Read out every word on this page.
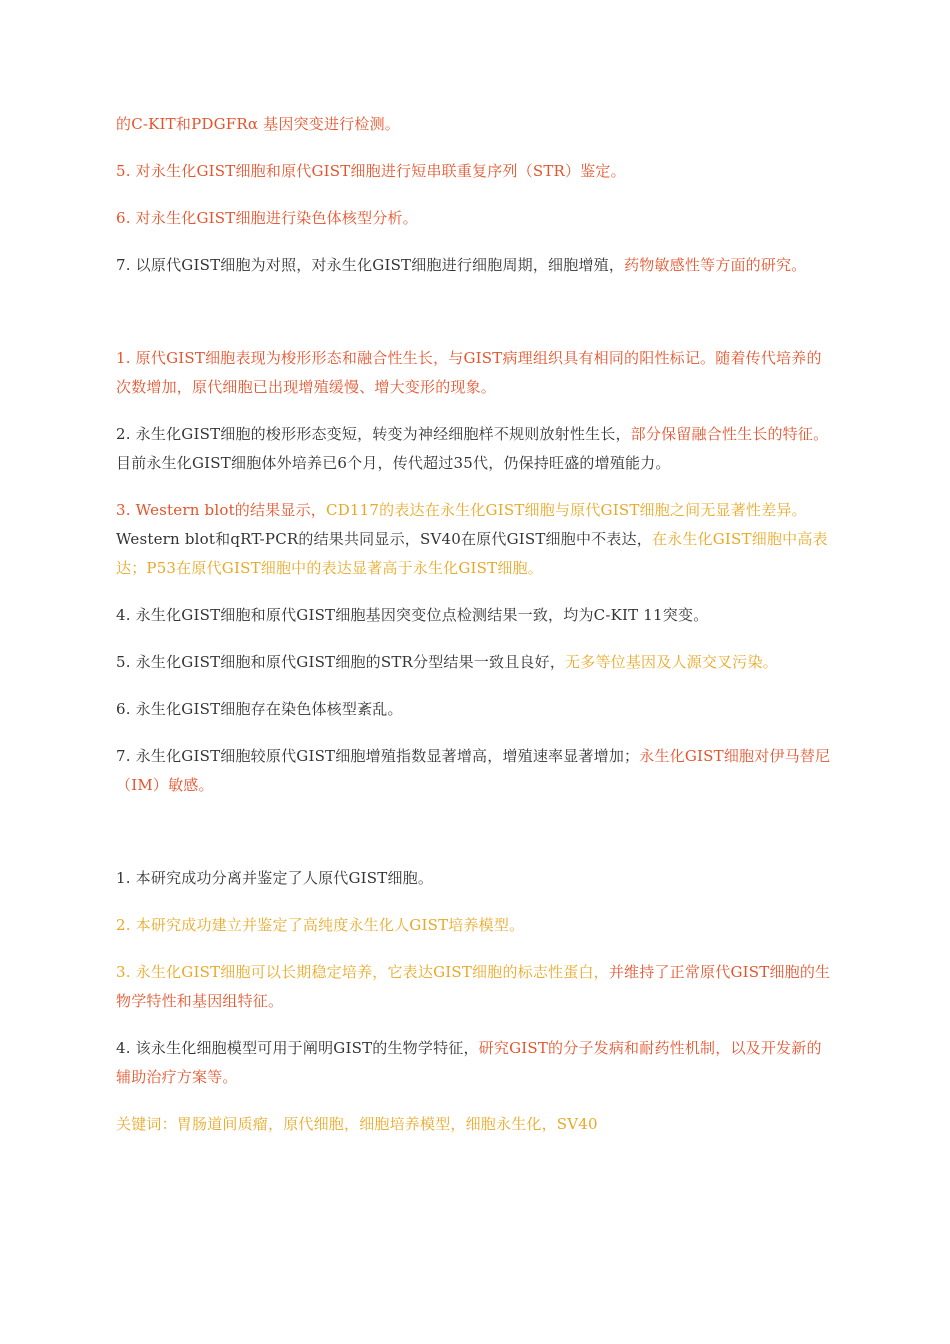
的C-KIT和PDGFRα 基因突变进行检测。

5. 对永生化GIST细胞和原代GIST细胞进行短串联重复序列（STR）鉴定。

6. 对永生化GIST细胞进行染色体核型分析。

7. 以原代GIST细胞为对照，对永生化GIST细胞进行细胞周期，细胞增殖，药物敏感性等方面的研究。

1. 原代GIST细胞表现为梭形形态和融合性生长，与GIST病理组织具有相同的阳性标记。随着传代培养的次数增加，原代细胞已出现增殖缓慢、增大变形的现象。

2. 永生化GIST细胞的梭形形态变短，转变为神经细胞样不规则放射性生长，部分保留融合性生长的特征。目前永生化GIST细胞体外培养已6个月，传代超过35代，仍保持旺盛的增殖能力。

3. Western blot的结果显示，CD117的表达在永生化GIST细胞与原代GIST细胞之间无显著性差异。Western blot和qRT-PCR的结果共同显示，SV40在原代GIST细胞中不表达，在永生化GIST细胞中高表达；P53在原代GIST细胞中的表达显著高于永生化GIST细胞。

4. 永生化GIST细胞和原代GIST细胞基因突变位点检测结果一致，均为C-KIT 11突变。

5. 永生化GIST细胞和原代GIST细胞的STR分型结果一致且良好，无多等位基因及人源交叉污染。

6. 永生化GIST细胞存在染色体核型紊乱。

7. 永生化GIST细胞较原代GIST细胞增殖指数显著增高，增殖速率显著增加；永生化GIST细胞对伊马替尼（IM）敏感。

1. 本研究成功分离并鉴定了人原代GIST细胞。

2. 本研究成功建立并鉴定了高纯度永生化人GIST培养模型。

3. 永生化GIST细胞可以长期稳定培养，它表达GIST细胞的标志性蛋白，并维持了正常原代GIST细胞的生物学特性和基因组特征。

4. 该永生化细胞模型可用于阐明GIST的生物学特征，研究GIST的分子发病和耐药性机制，以及开发新的辅助治疗方案等。

关键词：胃肠道间质瘤，原代细胞，细胞培养模型，细胞永生化，SV40
